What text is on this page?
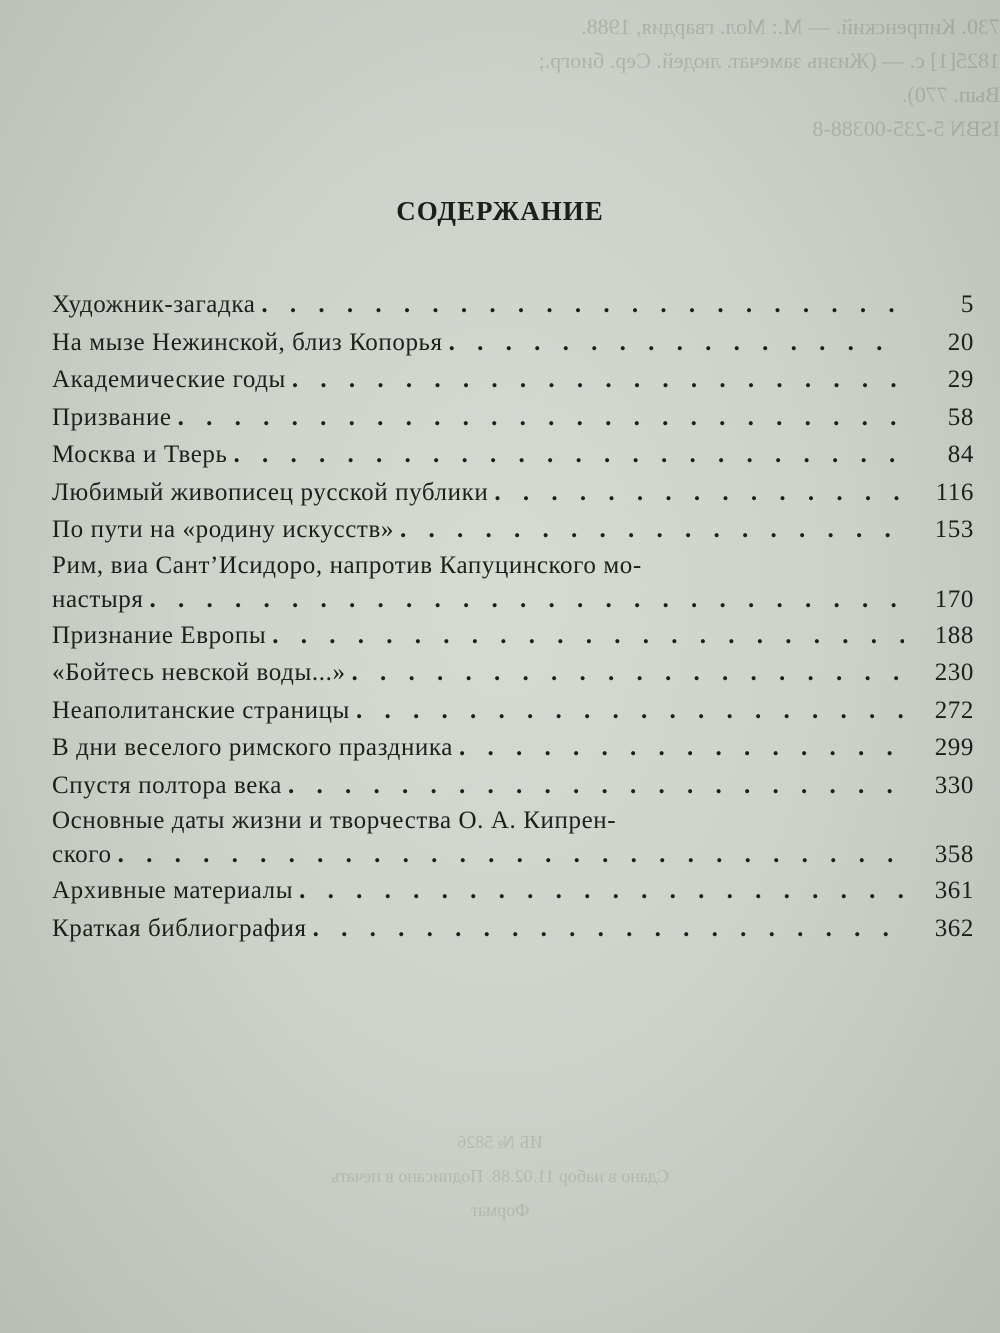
730. Кипренский. — М.: Мол. гвардия, 1988.
1825[1] с. — (Жизнь замечат. людей. Сер. биогр.;
Вып. 770).
ISBN 5-235-00388-8
ИБ № 5826
Сдано в набор 11.02.88. Подписано в печать
Формат
СОДЕРЖАНИЕ
Художник-загадка . . .	5
На мызе Нежинской, близ Копорья . . .	20
Академические годы . . .	29
Призвание . . .	58
Москва и Тверь . . .	84
Любимый живописец русской публики . . .	116
По пути на «родину искусств» . . .	153
Рим, виа Сант’Исидоро, напротив Капуцинского мо-
настыря . . .	170
Признание Европы . . .	188
«Бойтесь невской воды...» . . .	230
Неаполитанские страницы . . .	272
В дни веселого римского праздника . . .	299
Спустя полтора века . . .	330
Основные даты жизни и творчества О. А. Кипрен-
ского . . .	358
Архивные материалы . . .	361
Краткая библиография . . .	362
